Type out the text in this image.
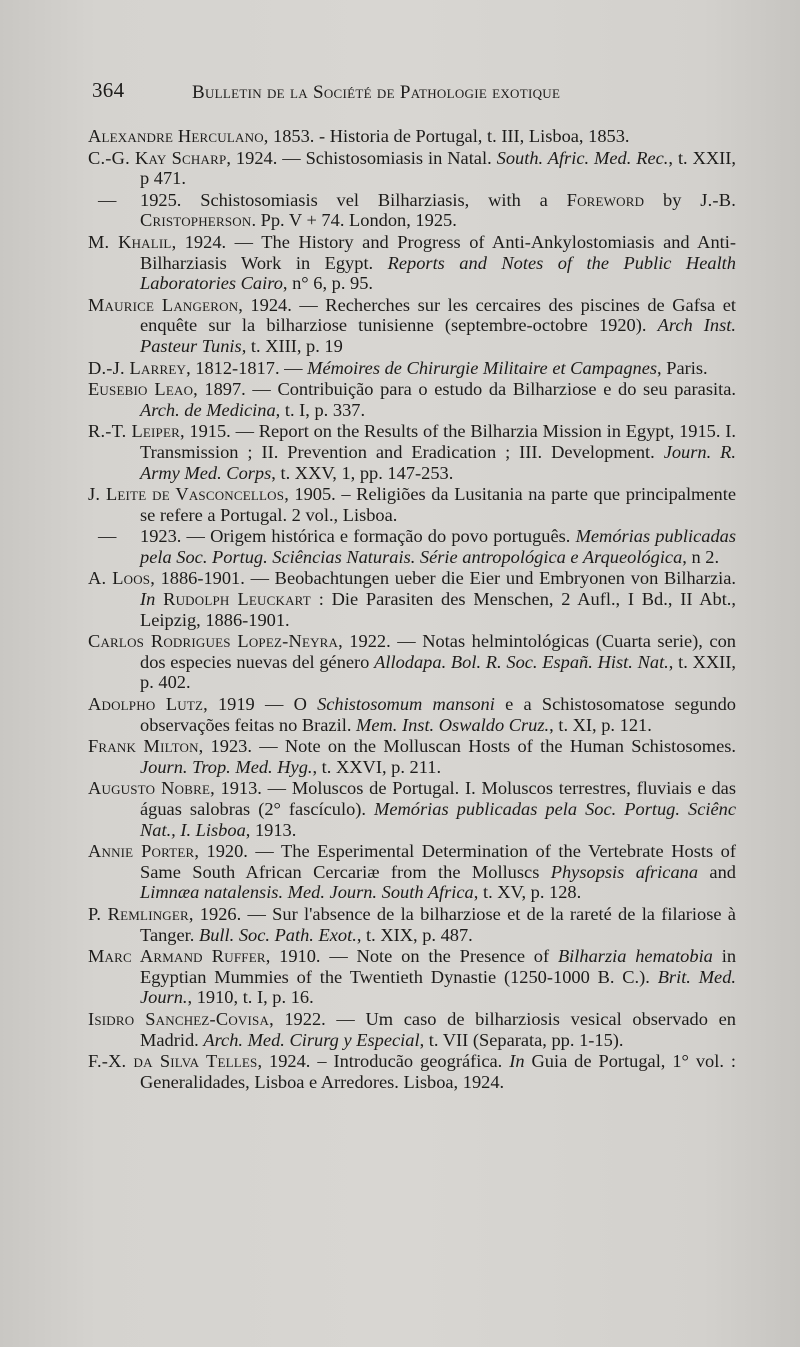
364	Bulletin de la Société de Pathologie exotique

Alexandre Herculano, 1853. - Historia de Portugal, t. III, Lisboa, 1853.

C.-G. Kay Scharp, 1924. — Schistosomiasis in Natal. South. Afric. Med. Rec., t. XXII, p 471.

— 1925. Schistosomiasis vel Bilharziasis, with a Foreword by J.-B. Cristopherson. Pp. V + 74. London, 1925.

M. Khalil, 1924. — The History and Progress of Anti-Ankylostomiasis and Anti-Bilharziasis Work in Egypt. Reports and Notes of the Public Health Laboratories Cairo, n° 6, p. 95.

Maurice Langeron, 1924. — Recherches sur les cercaires des piscines de Gafsa et enquête sur la bilharziose tunisienne (septembre-octobre 1920). Arch Inst. Pasteur Tunis, t. XIII, p. 19

D.-J. Larrey, 1812-1817. — Mémoires de Chirurgie Militaire et Campagnes, Paris.

Eusebio Leao, 1897. — Contribuição para o estudo da Bilharziose e do seu parasita. Arch. de Medicina, t. I, p. 337.

R.-T. Leiper, 1915. — Report on the Results of the Bilharzia Mission in Egypt, 1915. I. Transmission ; II. Prevention and Eradication ; III. Development. Journ. R. Army Med. Corps, t. XXV, 1, pp. 147-253.

J. Leite de Vasconcellos, 1905. – Religiões da Lusitania na parte que principalmente se refere a Portugal. 2 vol., Lisboa.

— 1923. — Origem histórica e formação do povo português. Memórias publicadas pela Soc. Portug. Sciências Naturais. Série antropológica e Arqueológica, n 2.

A. Loos, 1886-1901. — Beobachtungen ueber die Eier und Embryonen von Bilharzia. In Rudolph Leuckart : Die Parasiten des Menschen, 2 Aufl., I Bd., II Abt., Leipzig, 1886-1901.

Carlos Rodrigues Lopez-Neyra, 1922. — Notas helmintológicas (Cuarta serie), con dos especies nuevas del género Allodapa. Bol. R. Soc. Españ. Hist. Nat., t. XXII, p. 402.

Adolpho Lutz, 1919 — O Schistosomum mansoni e a Schistosomatose segundo observações feitas no Brazil. Mem. Inst. Oswaldo Cruz., t. XI, p. 121.

Frank Milton, 1923. — Note on the Molluscan Hosts of the Human Schistosomes. Journ. Trop. Med. Hyg., t. XXVI, p. 211.

Augusto Nobre, 1913. — Moluscos de Portugal. I. Moluscos terrestres, fluviais e das águas salobras (2° fascículo). Memórias publicadas pela Soc. Portug. Sciênc Nat., I. Lisboa, 1913.

Annie Porter, 1920. — The Esperimental Determination of the Vertebrate Hosts of Same South African Cercariæ from the Molluscs Physopsis africana and Limnæa natalensis. Med. Journ. South Africa, t. XV, p. 128.

P. Remlinger, 1926. — Sur l'absence de la bilharziose et de la rareté de la filariose à Tanger. Bull. Soc. Path. Exot., t. XIX, p. 487.

Marc Armand Ruffer, 1910. — Note on the Presence of Bilharzia hematobia in Egyptian Mummies of the Twentieth Dynastie (1250-1000 B. C.). Brit. Med. Journ., 1910, t. I, p. 16.

Isidro Sanchez-Covisa, 1922. — Um caso de bilharziosis vesical observado en Madrid. Arch. Med. Cirurg y Especial, t. VII (Separata, pp. 1-15).

F.-X. da Silva Telles, 1924. – Introducão geográfica. In Guia de Portugal, 1° vol. : Generalidades, Lisboa e Arredores. Lisboa, 1924.
